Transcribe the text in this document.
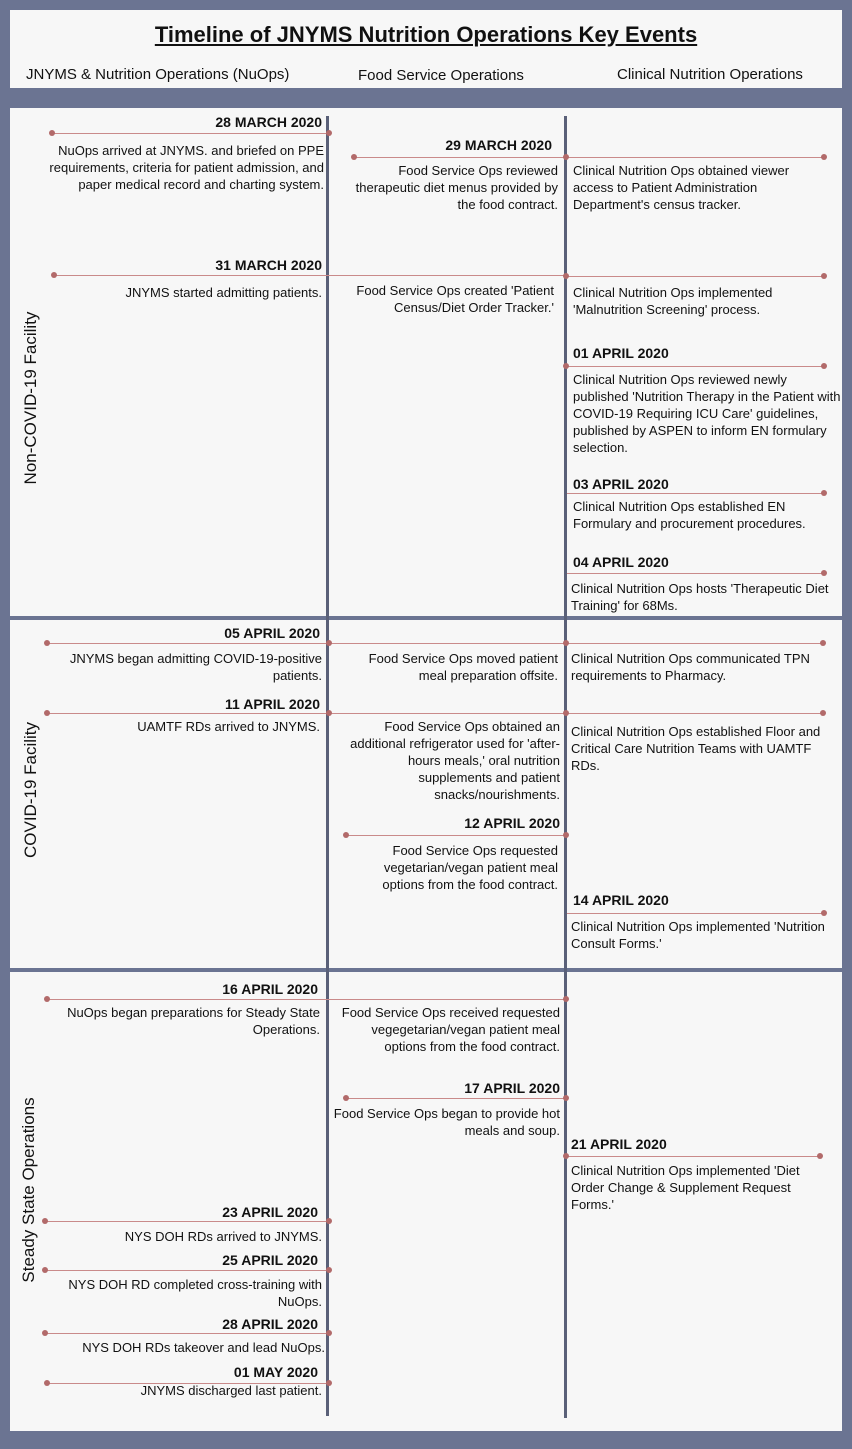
Timeline of JNYMS Nutrition Operations Key Events
JNYMS & Nutrition Operations (NuOps)	Food Service Operations	Clinical Nutrition Operations
Non-COVID-19 Facility
COVID-19 Facility
Steady State Operations
28 MARCH 2020
NuOps arrived at JNYMS. and briefed on PPE requirements, criteria for patient admission, and paper medical record and charting system.
29 MARCH 2020
Food Service Ops reviewed therapeutic diet menus provided by the food contract.
Clinical Nutrition Ops obtained viewer access to Patient Administration Department's census tracker.
31 MARCH 2020
JNYMS started admitting patients.	Food Service Ops created 'Patient Census/Diet Order Tracker.'
Clinical Nutrition Ops implemented 'Malnutrition Screening' process.
01 APRIL 2020
Clinical Nutrition Ops reviewed newly published 'Nutrition Therapy in the Patient with COVID-19 Requiring ICU Care' guidelines, published by ASPEN to inform EN formulary selection.
03 APRIL 2020
Clinical Nutrition Ops established EN Formulary and procurement procedures.
04 APRIL 2020
Clinical Nutrition Ops hosts 'Therapeutic Diet Training' for 68Ms.
05 APRIL 2020
JNYMS began admitting COVID-19-positive patients.
Food Service Ops moved patient meal preparation offsite.
Clinical Nutrition Ops communicated TPN requirements to Pharmacy.
11 APRIL 2020
UAMTF RDs arrived to JNYMS.	Food Service Ops obtained an additional refrigerator used for 'after-hours meals,' oral nutrition supplements and patient snacks/nourishments.
Clinical Nutrition Ops established Floor and Critical Care Nutrition Teams with UAMTF RDs.
12 APRIL 2020
Food Service Ops requested vegetarian/vegan patient meal options from the food contract.
14 APRIL 2020
Clinical Nutrition Ops implemented 'Nutrition Consult Forms.'
16 APRIL 2020
NuOps began preparations for Steady State Operations.
Food Service Ops received requested vegegetarian/vegan patient meal options from the food contract.
17 APRIL 2020
Food Service Ops began to provide hot meals and soup.
21 APRIL 2020
Clinical Nutrition Ops implemented 'Diet Order Change & Supplement Request Forms.'
23 APRIL 2020
NYS DOH RDs arrived to JNYMS.
25 APRIL 2020
NYS DOH RD completed cross-training with NuOps.
28 APRIL 2020
NYS DOH RDs takeover and lead NuOps.
01 MAY 2020
JNYMS discharged last patient.
